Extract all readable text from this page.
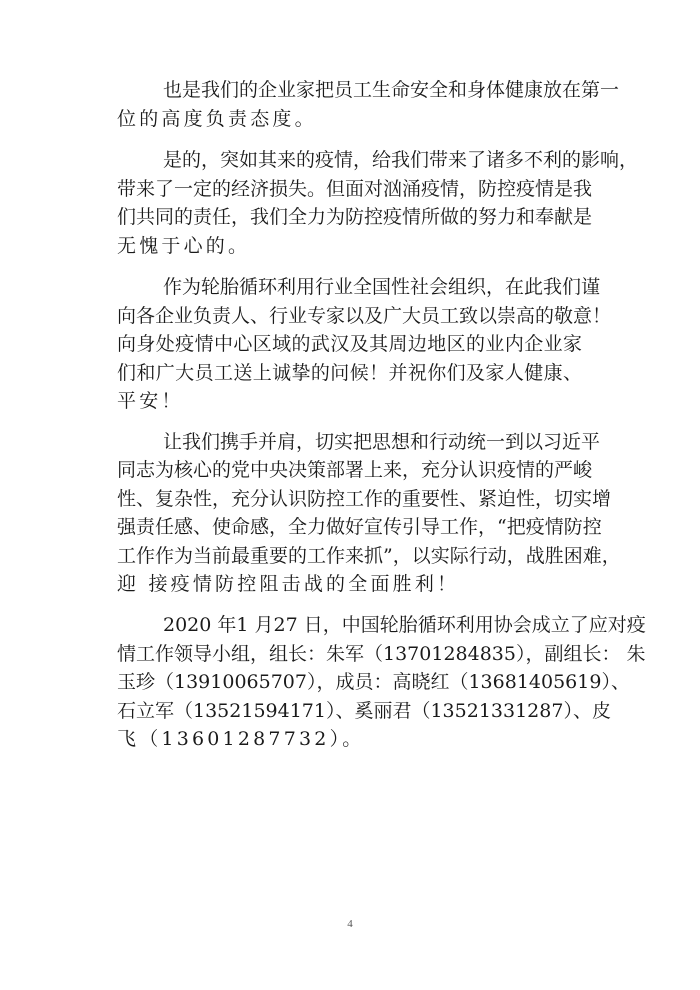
也是我们的企业家把员工生命安全和身体健康放在第一
位的高度负责态度。
是的，突如其来的疫情，给我们带来了诸多不利的影响，
带来了一定的经济损失。但面对汹涌疫情，防控疫情是我
们共同的责任，我们全力为防控疫情所做的努力和奉献是
无愧于心的。
作为轮胎循环利用行业全国性社会组织，在此我们谨
向各企业负责人、行业专家以及广大员工致以崇高的敬意！
向身处疫情中心区域的武汉及其周边地区的业内企业家
们和广大员工送上诚挚的问候！并祝你们及家人健康、
平安！
让我们携手并肩，切实把思想和行动统一到以习近平
同志为核心的党中央决策部署上来，充分认识疫情的严峻
性、复杂性，充分认识防控工作的重要性、紧迫性，切实增
强责任感、使命感，全力做好宣传引导工作，“把疫情防控
工作作为当前最重要的工作来抓”，以实际行动，战胜困难，
迎 接疫情防控阻击战的全面胜利！
2020 年1 月27 日，中国轮胎循环利用协会成立了应对疫
情工作领导小组，组长：朱军（13701284835），副组长： 朱
玉珍（13910065707），成员：高晓红（13681405619）、
石立军（13521594171）、奚丽君（13521331287）、皮
飞（13601287732）。
4
